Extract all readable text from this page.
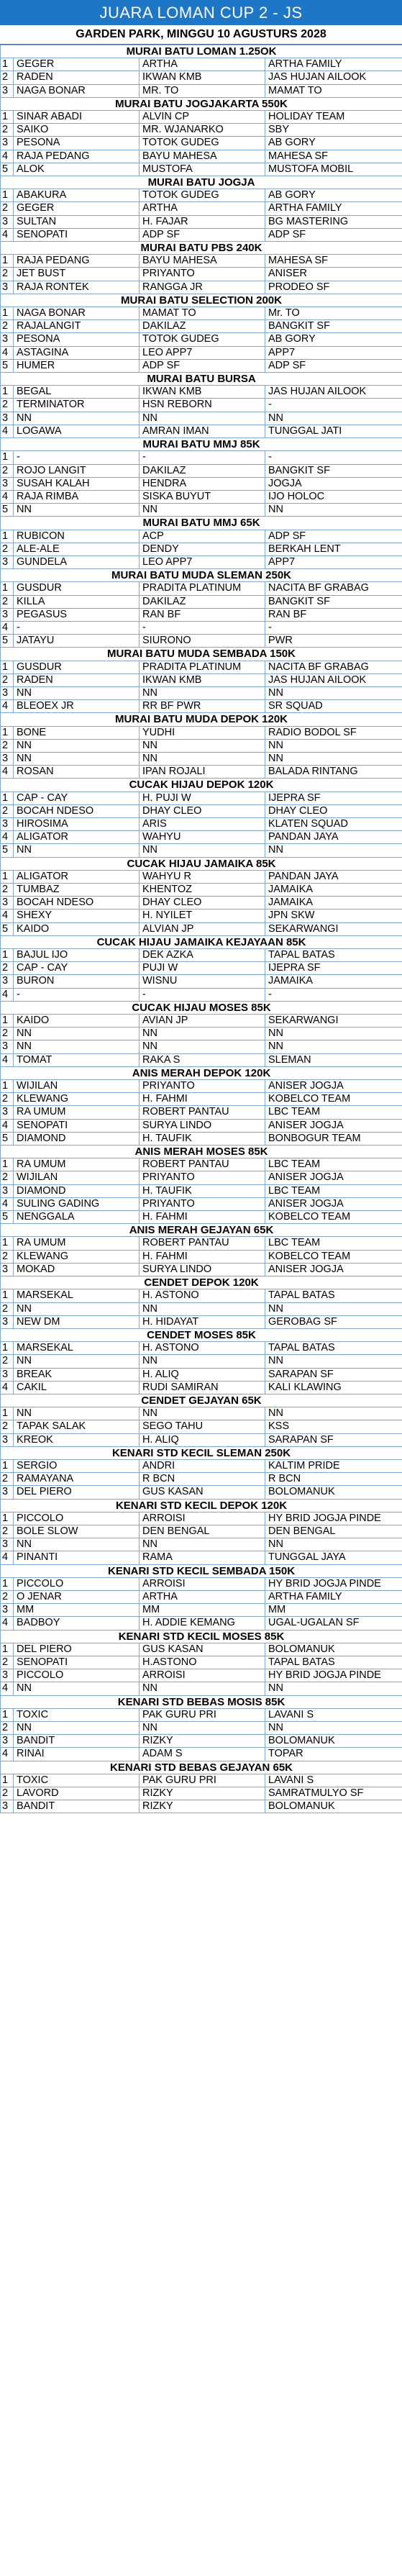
JUARA LOMAN CUP 2 - JS
GARDEN PARK, MINGGU 10 AGUSTURS 2028
MURAI BATU LOMAN 1.25OK			
1	GEGER	ARTHA	ARTHA FAMILY
2	RADEN	IKWAN KMB	JAS HUJAN AILOOK
3	NAGA BONAR	MR. TO	MAMAT TO
MURAI BATU JOGJAKARTA 550K			
1	SINAR ABADI	ALVIN CP	HOLIDAY TEAM
2	SAIKO	MR. WJANARKO	SBY
3	PESONA	TOTOK GUDEG	AB GORY
4	RAJA PEDANG	BAYU MAHESA	MAHESA SF
5	ALOK	MUSTOFA	MUSTOFA MOBIL
MURAI BATU JOGJA			
1	ABAKURA	TOTOK GUDEG	AB GORY
2	GEGER	ARTHA	ARTHA FAMILY
3	SULTAN	H. FAJAR	BG MASTERING
4	SENOPATI	ADP SF	ADP SF
MURAI BATU PBS 240K			
1	RAJA PEDANG	BAYU MAHESA	MAHESA SF
2	JET BUST	PRIYANTO	ANISER
3	RAJA RONTEK	RANGGA JR	PRODEO SF
MURAI BATU SELECTION 200K			
1	NAGA BONAR	MAMAT TO	Mr. TO
2	RAJALANGIT	DAKILAZ	BANGKIT SF
3	PESONA	TOTOK GUDEG	AB GORY
4	ASTAGINA	LEO APP7	APP7
5	HUMER	ADP SF	ADP SF
MURAI BATU BURSA			
1	BEGAL	IKWAN KMB	JAS HUJAN AILOOK
2	TERMINATOR	HSN REBORN	-
3	NN	NN	NN
4	LOGAWA	AMRAN IMAN	TUNGGAL JATI
MURAI BATU MMJ 85K			
1	-	-	-
2	ROJO LANGIT	DAKILAZ	BANGKIT SF
3	SUSAH KALAH	HENDRA	JOGJA
4	RAJA RIMBA	SISKA BUYUT	IJO HOLOC
5	NN	NN	NN
MURAI BATU MMJ 65K			
1	RUBICON	ACP	ADP SF
2	ALE-ALE	DENDY	BERKAH LENT
3	GUNDELA	LEO APP7	APP7
MURAI BATU MUDA SLEMAN 250K			
1	GUSDUR	PRADITA PLATINUM	NACITA BF GRABAG
2	KILLA	DAKILAZ	BANGKIT SF
3	PEGASUS	RAN BF	RAN BF
4	-	-	-
5	JATAYU	SIURONO	PWR
MURAI BATU MUDA SEMBADA 150K			
1	GUSDUR	PRADITA PLATINUM	NACITA BF GRABAG
2	RADEN	IKWAN KMB	JAS HUJAN AILOOK
3	NN	NN	NN
4	BLEOEX JR	RR BF PWR	SR SQUAD
MURAI BATU MUDA DEPOK 120K			
1	BONE	YUDHI	RADIO BODOL SF
2	NN	NN	NN
3	NN	NN	NN
4	ROSAN	IPAN ROJALI	BALADA RINTANG
CUCAK HIJAU DEPOK 120K			
1	CAP - CAY	H. PUJI W	IJEPRA SF
2	BOCAH NDESO	DHAY CLEO	DHAY CLEO
3	HIROSIMA	ARIS	KLATEN SQUAD
4	ALIGATOR	WAHYU	PANDAN JAYA
5	NN	NN	NN
CUCAK HIJAU JAMAIKA 85K			
1	ALIGATOR	WAHYU R	PANDAN JAYA
2	TUMBAZ	KHENTOZ	JAMAIKA
3	BOCAH NDESO	DHAY CLEO	JAMAIKA
4	SHEXY	H. NYILET	JPN SKW
5	KAIDO	ALVIAN JP	SEKARWANGI
CUCAK HIJAU JAMAIKA KEJAYAAN 85K			
1	BAJUL IJO	DEK AZKA	TAPAL BATAS
2	CAP - CAY	PUJI W	IJEPRA SF
3	BURON	WISNU	JAMAIKA
4	-	-	-
CUCAK HIJAU MOSES 85K			
1	KAIDO	AVIAN JP	SEKARWANGI
2	NN	NN	NN
3	NN	NN	NN
4	TOMAT	RAKA S	SLEMAN
ANIS MERAH DEPOK 120K			
1	WIJILAN	PRIYANTO	ANISER JOGJA
2	KLEWANG	H. FAHMI	KOBELCO TEAM
3	RA UMUM	ROBERT PANTAU	LBC TEAM
4	SENOPATI	SURYA LINDO	ANISER JOGJA
5	DIAMOND	H. TAUFIK	BONBOGUR TEAM
ANIS MERAH MOSES 85K			
1	RA UMUM	ROBERT PANTAU	LBC TEAM
2	WIJILAN	PRIYANTO	ANISER JOGJA
3	DIAMOND	H. TAUFIK	LBC TEAM
4	SULING GADING	PRIYANTO	ANISER JOGJA
5	NENGGALA	H. FAHMI	KOBELCO TEAM
ANIS MERAH GEJAYAN 65K			
1	RA UMUM	ROBERT PANTAU	LBC TEAM
2	KLEWANG	H. FAHMI	KOBELCO TEAM
3	MOKAD	SURYA LINDO	ANISER JOGJA
CENDET DEPOK 120K			
1	MARSEKAL	H. ASTONO	TAPAL BATAS
2	NN	NN	NN
3	NEW DM	H. HIDAYAT	GEROBAG SF
CENDET MOSES 85K			
1	MARSEKAL	H. ASTONO	TAPAL BATAS
2	NN	NN	NN
3	BREAK	H. ALIQ	SARAPAN SF
4	CAKIL	RUDI SAMIRAN	KALI KLAWING
CENDET GEJAYAN 65K			
1	NN	NN	NN
2	TAPAK SALAK	SEGO TAHU	KSS
3	KREOK	H. ALIQ	SARAPAN SF
KENARI STD KECIL SLEMAN 250K			
1	SERGIO	ANDRI	KALTIM PRIDE
2	RAMAYANA	R BCN	R BCN
3	DEL PIERO	GUS KASAN	BOLOMANUK
KENARI STD KECIL DEPOK 120K			
1	PICCOLO	ARROISI	HY BRID JOGJA PINDE
2	BOLE SLOW	DEN BENGAL	DEN BENGAL
3	NN	NN	NN
4	PINANTI	RAMA	TUNGGAL JAYA
KENARI STD KECIL SEMBADA 150K			
1	PICCOLO	ARROISI	HY BRID JOGJA PINDE
2	O JENAR	ARTHA	ARTHA FAMILY
3	MM	MM	MM
4	BADBOY	H. ADDIE KEMANG	UGAL-UGALAN SF
KENARI STD KECIL MOSES 85K			
1	DEL PIERO	GUS KASAN	BOLOMANUK
2	SENOPATI	H.ASTONO	TAPAL BATAS
3	PICCOLO	ARROISI	HY BRID JOGJA PINDE
4	NN	NN	NN
KENARI STD BEBAS MOSIS 85K			
1	TOXIC	PAK GURU PRI	LAVANI S
2	NN	NN	NN
3	BANDIT	RIZKY	BOLOMANUK
4	RINAI	ADAM S	TOPAR
KENARI STD BEBAS GEJAYAN 65K			
1	TOXIC	PAK GURU PRI	LAVANI S
2	LAVORD	RIZKY	SAMRATMULYO SF
3	BANDIT	RIZKY	BOLOMANUK
